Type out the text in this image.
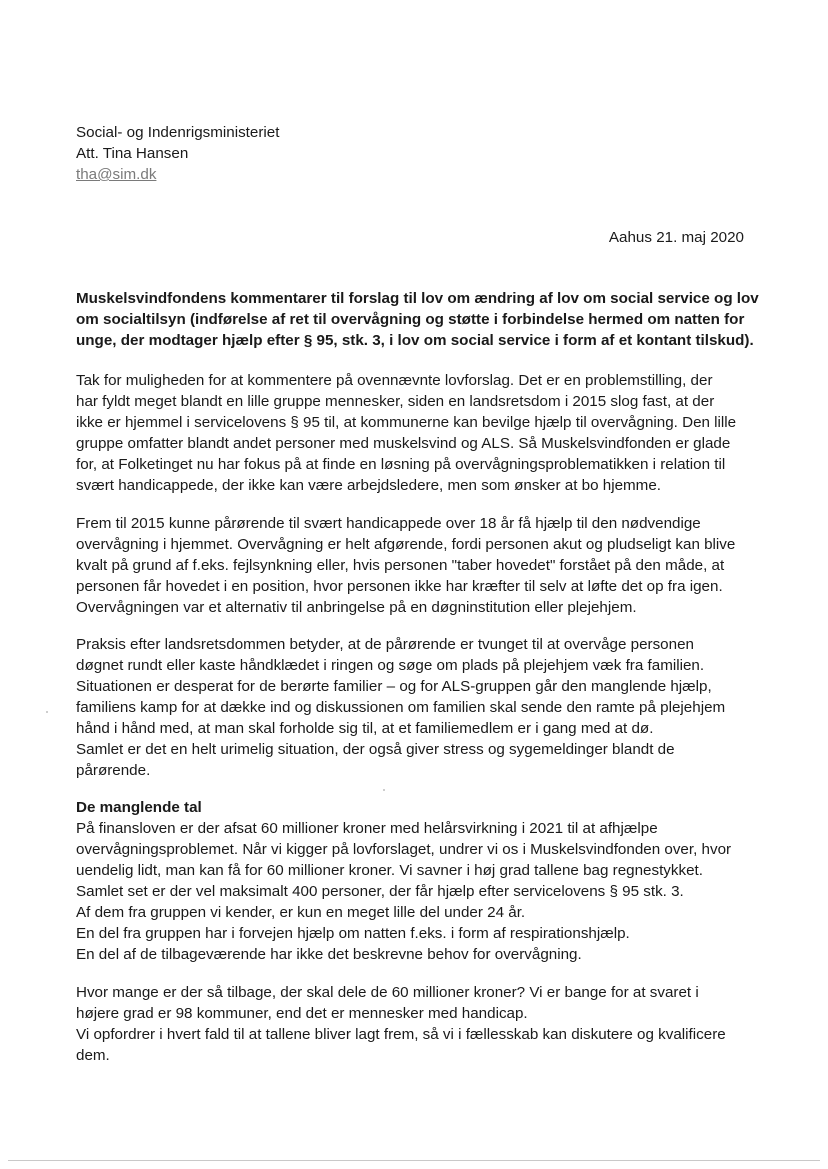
Social- og Indenrigsministeriet
Att. Tina Hansen
tha@sim.dk
Aahus 21. maj 2020
Muskelsvindfondens kommentarer til forslag til lov om ændring af lov om social service og lov
om socialtilsyn (indførelse af ret til overvågning og støtte i forbindelse hermed om natten for
unge, der modtager hjælp efter § 95, stk. 3, i lov om social service i form af et kontant tilskud).
Tak for muligheden for at kommentere på ovennævnte lovforslag. Det er en problemstilling, der
har fyldt meget blandt en lille gruppe mennesker, siden en landsretsdom i 2015 slog fast, at der
ikke er hjemmel i servicelovens § 95 til, at kommunerne kan bevilge hjælp til overvågning. Den lille
gruppe omfatter blandt andet personer med muskelsvind og ALS. Så Muskelsvindfonden er glade
for, at Folketinget nu har fokus på at finde en løsning på overvågningsproblematikken i relation til
svært handicappede, der ikke kan være arbejdsledere, men som ønsker at bo hjemme.
Frem til 2015 kunne pårørende til svært handicappede over 18 år få hjælp til den nødvendige
overvågning i hjemmet. Overvågning er helt afgørende, fordi personen akut og pludseligt kan blive
kvalt på grund af f.eks. fejlsynkning eller, hvis personen "taber hovedet" forstået på den måde, at
personen får hovedet i en position, hvor personen ikke har kræfter til selv at løfte det op fra igen.
Overvågningen var et alternativ til anbringelse på en døgninstitution eller plejehjem.
Praksis efter landsretsdommen betyder, at de pårørende er tvunget til at overvåge personen
døgnet rundt eller kaste håndklædet i ringen og søge om plads på plejehjem væk fra familien.
Situationen er desperat for de berørte familier – og for ALS-gruppen går den manglende hjælp,
familiens kamp for at dække ind og diskussionen om familien skal sende den ramte på plejehjem
hånd i hånd med, at man skal forholde sig til, at et familiemedlem er i gang med at dø.
Samlet er det en helt urimelig situation, der også giver stress og sygemeldinger blandt de
pårørende.
De manglende tal
På finansloven er der afsat 60 millioner kroner med helårsvirkning i 2021 til at afhjælpe
overvågningsproblemet. Når vi kigger på lovforslaget, undrer vi os i Muskelsvindfonden over, hvor
uendelig lidt, man kan få for 60 millioner kroner. Vi savner i høj grad tallene bag regnestykket.
Samlet set er der vel maksimalt 400 personer, der får hjælp efter servicelovens § 95 stk. 3.
Af dem fra gruppen vi kender, er kun en meget lille del under 24 år.
En del fra gruppen har i forvejen hjælp om natten f.eks. i form af respirationshjælp.
En del af de tilbageværende har ikke det beskrevne behov for overvågning.
Hvor mange er der så tilbage, der skal dele de 60 millioner kroner? Vi er bange for at svaret i
højere grad er 98 kommuner, end det er mennesker med handicap.
Vi opfordrer i hvert fald til at tallene bliver lagt frem, så vi i fællesskab kan diskutere og kvalificere
dem.
